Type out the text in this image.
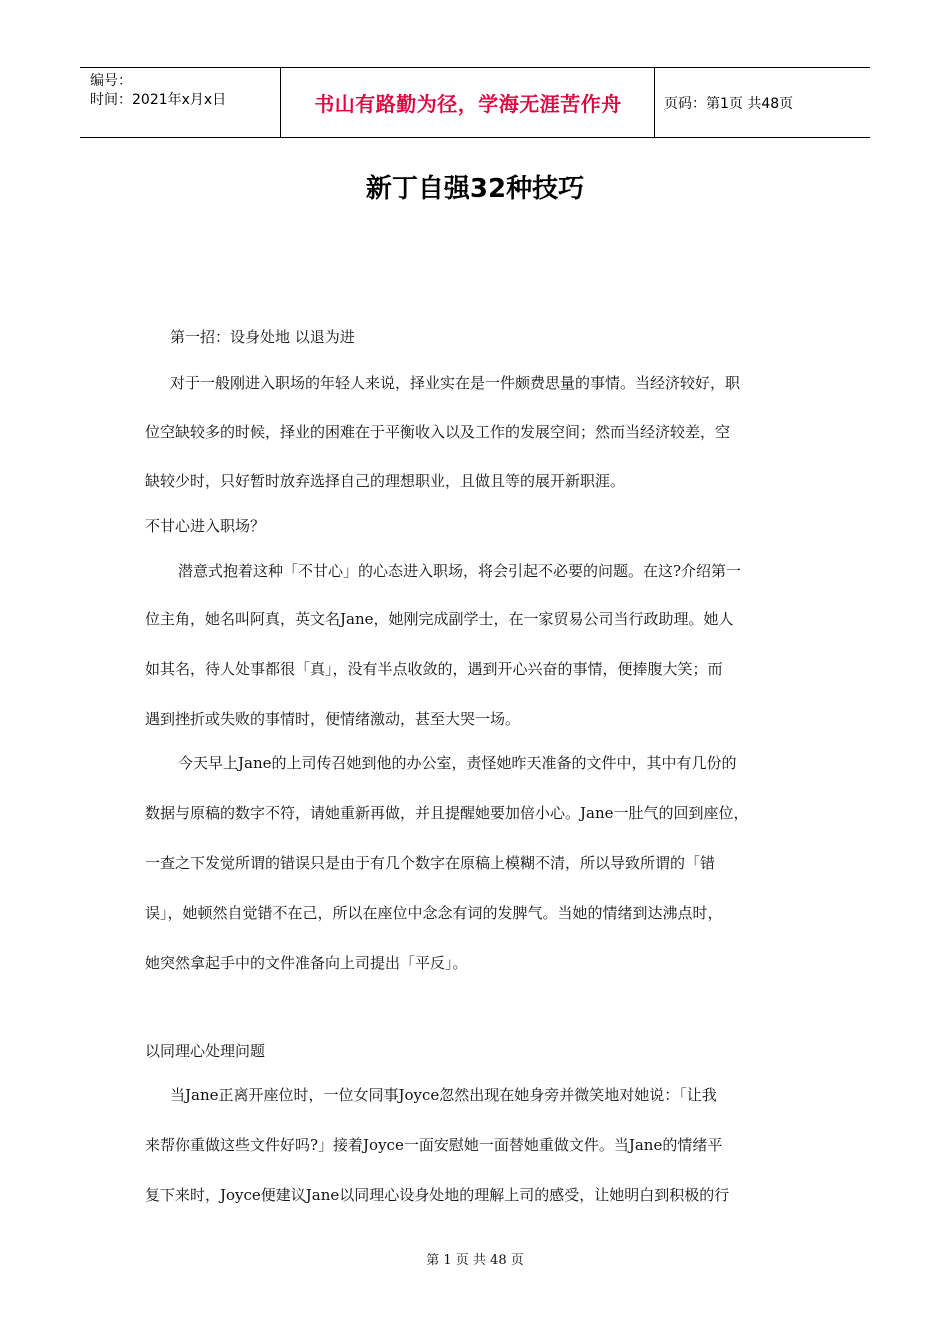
编号：
时间：2021年x月x日	书山有路勤为径，学海无涯苦作舟	页码：第1页 共48页
新丁自强32种技巧
第一招：设身处地 以退为进
对于一般刚进入职场的年轻人来说，择业实在是一件颇费思量的事情。当经济较好，职
位空缺较多的时候，择业的困难在于平衡收入以及工作的发展空间；然而当经济较差，空
缺较少时，只好暂时放弃选择自己的理想职业，且做且等的展开新职涯。
不甘心进入职场？
潜意式抱着这种「不甘心」的心态进入职场，将会引起不必要的问题。在这?介绍第一
位主角，她名叫阿真，英文名Jane，她刚完成副学士，在一家贸易公司当行政助理。她人
如其名，待人处事都很「真」，没有半点收敛的，遇到开心兴奋的事情，便捧腹大笑；而
遇到挫折或失败的事情时，便情绪激动，甚至大哭一场。
今天早上Jane的上司传召她到他的办公室，责怪她昨天准备的文件中，其中有几份的
数据与原稿的数字不符，请她重新再做，并且提醒她要加倍小心。Jane一肚气的回到座位，
一查之下发觉所谓的错误只是由于有几个数字在原稿上模糊不清，所以导致所谓的「错
误」，她顿然自觉错不在己，所以在座位中念念有词的发脾气。当她的情绪到达沸点时，
她突然拿起手中的文件准备向上司提出「平反」。
以同理心处理问题
当Jane正离开座位时，一位女同事Joyce忽然出现在她身旁并微笑地对她说：「让我
来帮你重做这些文件好吗?」接着Joyce一面安慰她一面替她重做文件。当Jane的情绪平
复下来时，Joyce便建议Jane以同理心设身处地的理解上司的感受，让她明白到积极的行
第 1 页 共 48 页
